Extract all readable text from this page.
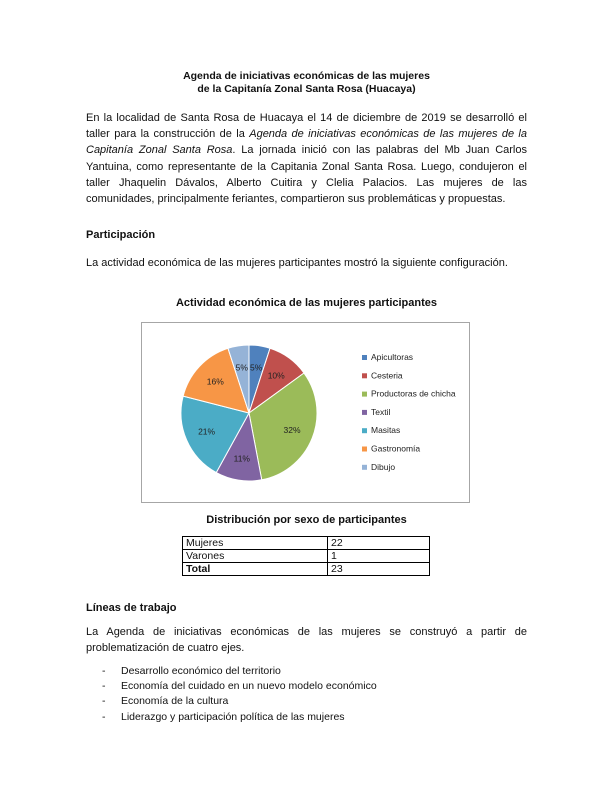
Agenda de iniciativas económicas de las mujeres
de la Capitanía Zonal Santa Rosa (Huacaya)
En la localidad de Santa Rosa de Huacaya el 14 de diciembre de 2019 se desarrolló el taller para la construcción de la Agenda de iniciativas económicas de las mujeres de la Capitanía Zonal Santa Rosa. La jornada inició con las palabras del Mb Juan Carlos Yantuina, como representante de la Capitania Zonal Santa Rosa. Luego, condujeron el taller Jhaquelin Dávalos, Alberto Cuitira y Clelia Palacios. Las mujeres de las comunidades, principalmente feriantes, compartieron sus problemáticas y propuestas.
Participación
La actividad económica de las mujeres participantes mostró la siguiente configuración.
Actividad económica de las mujeres participantes
5%
10%
32%
11%
21%
16%
5%
Apicultoras
Cesteria
Productoras de chicha
Textil
Masitas
Gastronomía
Dibujo
Distribución por sexo de participantes
Mujeres	22
Varones	1
Total	23
Líneas de trabajo
La Agenda de iniciativas económicas de las mujeres se construyó a partir de problematización de cuatro ejes.
- Desarrollo económico del territorio
- Economía del cuidado en un nuevo modelo económico
- Economía de la cultura
- Liderazgo y participación política de las mujeres
